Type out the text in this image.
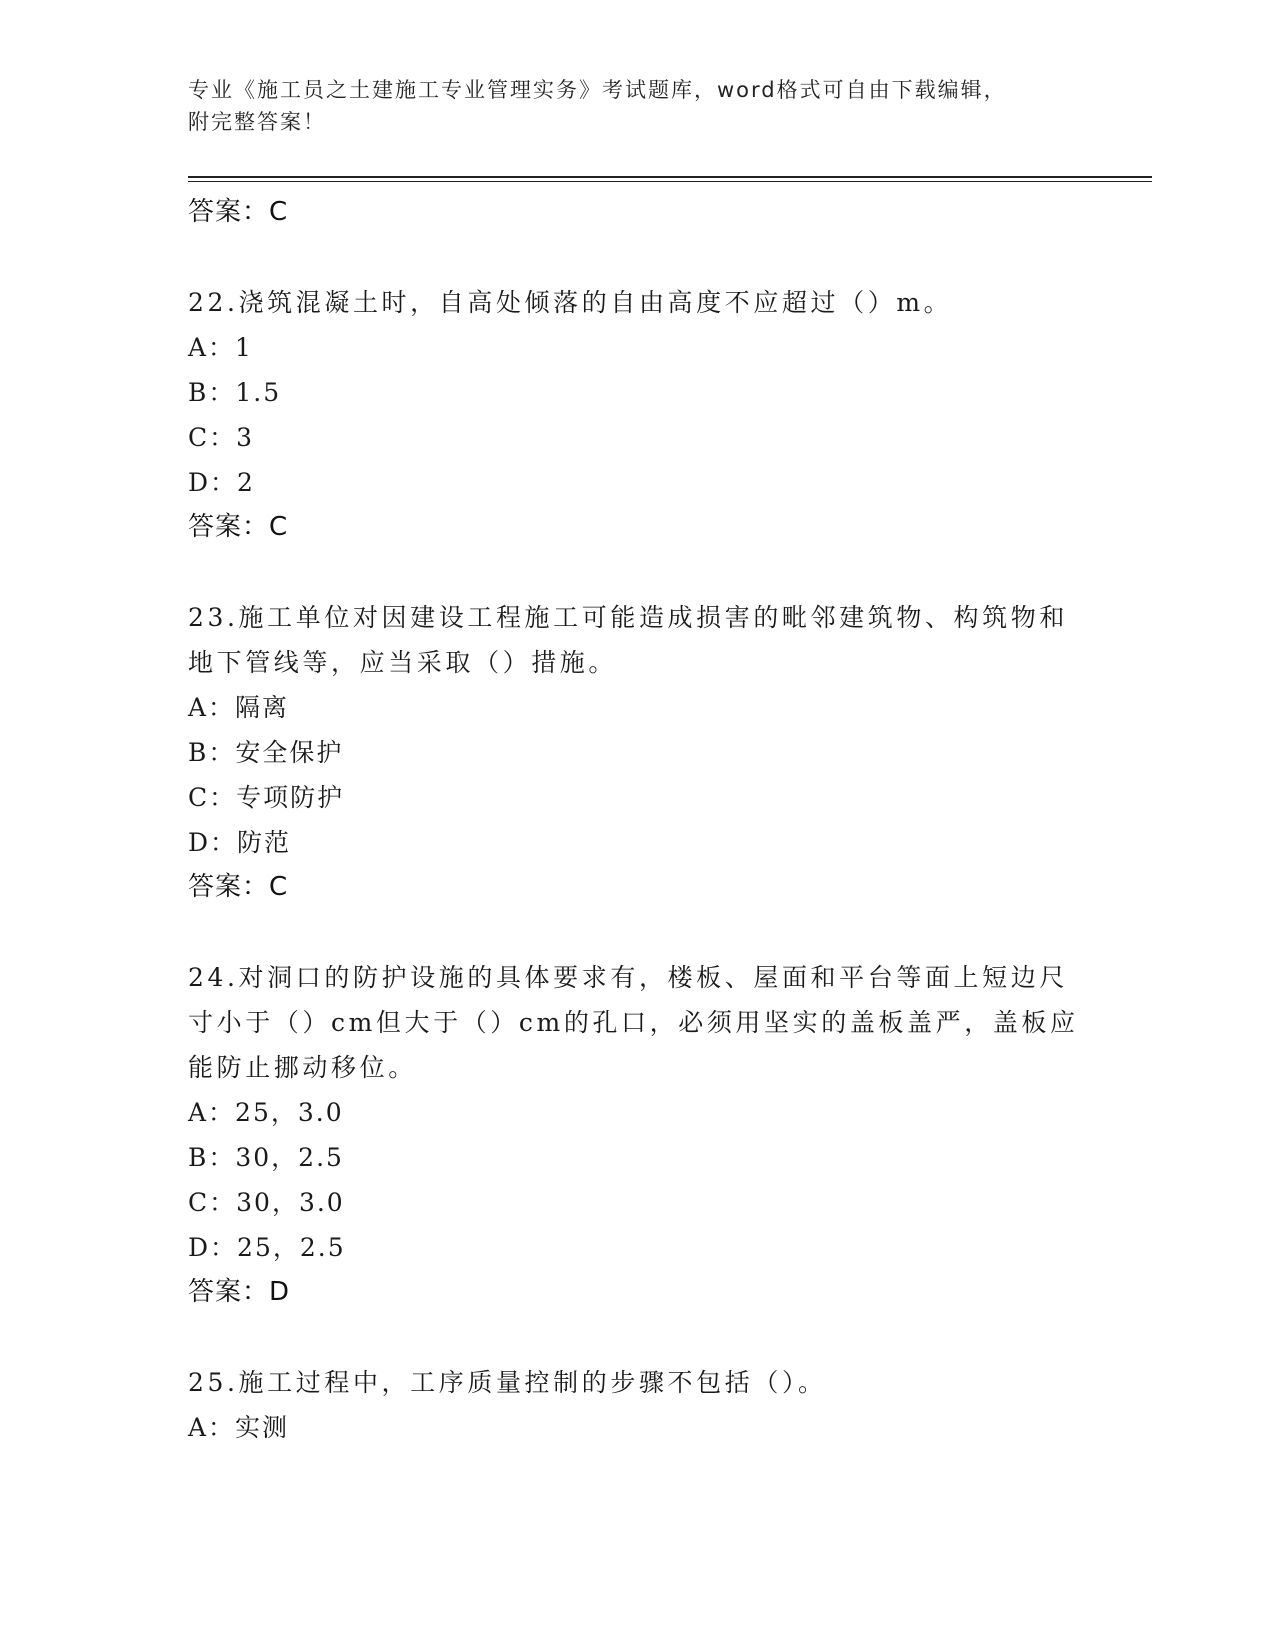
专业《施工员之土建施工专业管理实务》考试题库，word格式可自由下载编辑，
附完整答案！
答案：C
22.浇筑混凝土时，自高处倾落的自由高度不应超过（）m。
A：1
B：1.5
C：3
D：2
答案：C
23.施工单位对因建设工程施工可能造成损害的毗邻建筑物、构筑物和
地下管线等，应当采取（）措施。
A：隔离
B：安全保护
C：专项防护
D：防范
答案：C
24.对洞口的防护设施的具体要求有，楼板、屋面和平台等面上短边尺
寸小于（）cm但大于（）cm的孔口，必须用坚实的盖板盖严，盖板应
能防止挪动移位。
A：25，3.0
B：30，2.5
C：30，3.0
D：25，2.5
答案：D
25.施工过程中，工序质量控制的步骤不包括（）。
A：实测
